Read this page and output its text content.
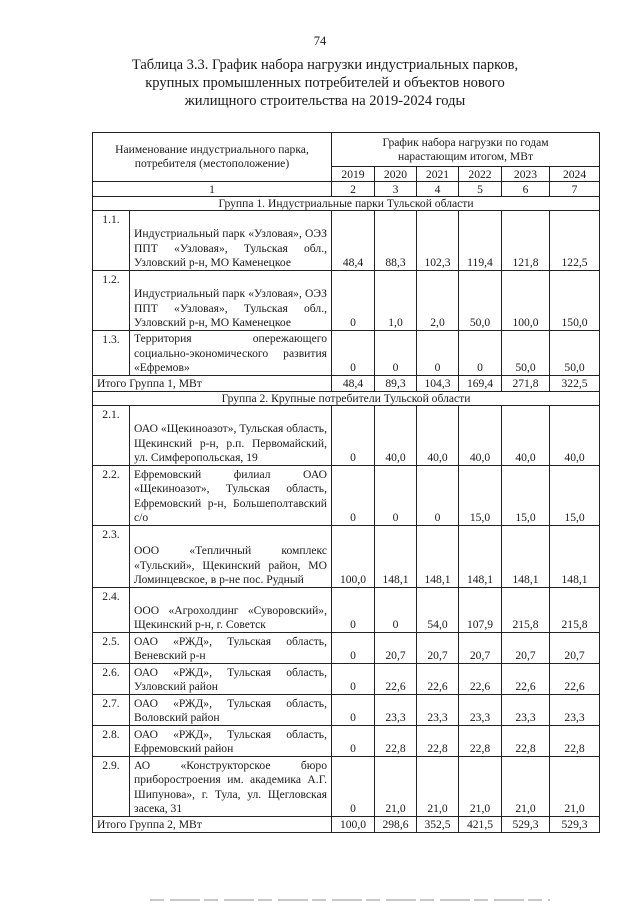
74
Таблица 3.3. График набора нагрузки индустриальных парков,
крупных промышленных потребителей и объектов нового
жилищного строительства на 2019-2024 годы
Наименование индустриального парка, потребителя (местоположение)		График набора нагрузки по годам нарастающим итогом, МВт					
		2019	2020	2021	2022	2023	2024
1		2	3	4	5	6	7
Группа 1. Индустриальные парки Тульской области							
1.1.	Индустриальный парк «Узловая», ОЭЗ ППТ «Узловая», Тульская обл., Узловский р-н, МО Каменецкое	48,4	88,3	102,3	119,4	121,8	122,5
1.2.	Индустриальный парк «Узловая», ОЭЗ ППТ «Узловая», Тульская обл., Узловский р-н, МО Каменецкое	0	1,0	2,0	50,0	100,0	150,0
1.3.	Территория опережающего социально-экономического развития «Ефремов»	0	0	0	0	50,0	50,0
Итого Группа 1, МВт		48,4	89,3	104,3	169,4	271,8	322,5
Группа 2. Крупные потребители Тульской области							
2.1.	ОАО «Щекиноазот», Тульская область, Щекинский р-н, р.п. Первомайский, ул. Симферопольская, 19	0	40,0	40,0	40,0	40,0	40,0
2.2.	Ефремовский филиал ОАО «Щекиноазот», Тульская область, Ефремовский р-н, Большеполтавский с/о	0	0	0	15,0	15,0	15,0
2.3.	ООО «Тепличный комплекс «Тульский», Щекинский район, МО Ломинцевское, в р-не пос. Рудный	100,0	148,1	148,1	148,1	148,1	148,1
2.4.	ООО «Агрохолдинг «Суворовский», Щекинский р-н, г. Советск	0	0	54,0	107,9	215,8	215,8
2.5.	ОАО «РЖД», Тульская область, Веневский р-н	0	20,7	20,7	20,7	20,7	20,7
2.6.	ОАО «РЖД», Тульская область, Узловский район	0	22,6	22,6	22,6	22,6	22,6
2.7.	ОАО «РЖД», Тульская область, Воловский район	0	23,3	23,3	23,3	23,3	23,3
2.8.	ОАО «РЖД», Тульская область, Ефремовский район	0	22,8	22,8	22,8	22,8	22,8
2.9.	АО «Конструкторское бюро приборостроения им. академика А.Г. Шипунова», г. Тула, ул. Щегловская засека, 31	0	21,0	21,0	21,0	21,0	21,0
Итого Группа 2, МВт		100,0	298,6	352,5	421,5	529,3	529,3
